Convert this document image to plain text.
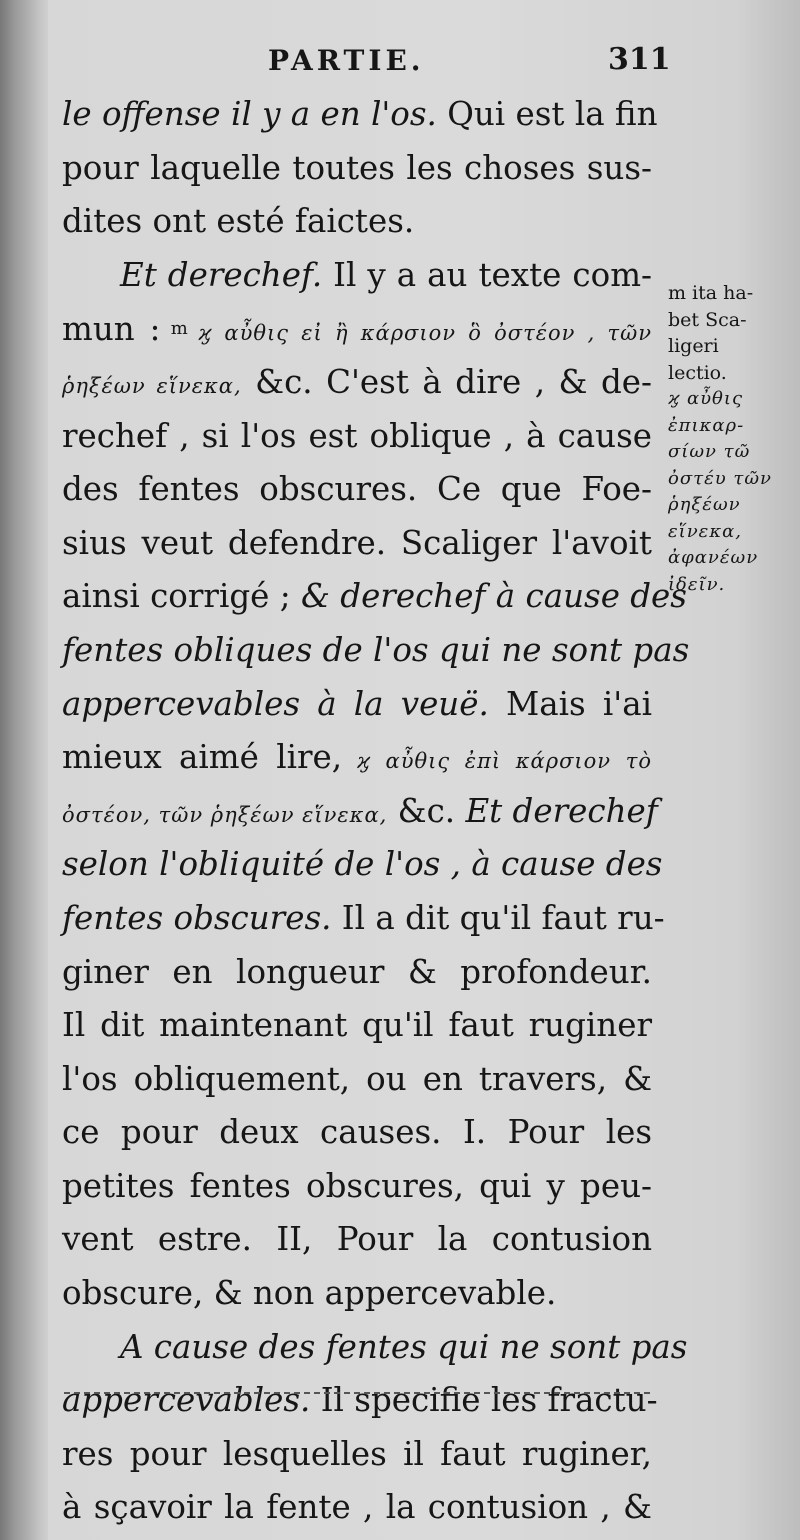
PARTIE.	311
le offense il y a en l'os. Qui est la fin
pour laquelle toutes les choses sus-
dites ont esté faictes.
Et derechef. Il y a au texte com-
mun : m ϗ αὖθις εἰ ἢ κάρσιον ὃ ὀστέον , τῶν
ῥηξέων εἵνεκα, &c. C'est à dire , & de-
rechef , si l'os est oblique , à cause
des fentes obscures. Ce que Foe-
sius veut defendre. Scaliger l'avoit
ainsi corrigé ; & derechef à cause des
fentes obliques de l'os qui ne sont pas
appercevables à la veuë. Mais i'ai
mieux aimé lire, ϗ αὖθις ἐπὶ κάρσιον τὸ
ὀστέον, τῶν ῥηξέων εἵνεκα, &c. Et derechef
selon l'obliquité de l'os , à cause des
fentes obscures. Il a dit qu'il faut ru-
giner en longueur & profondeur.
Il dit maintenant qu'il faut ruginer
l'os obliquement, ou en travers, &
ce pour deux causes. I. Pour les
petites fentes obscures, qui y peu-
vent estre. II, Pour la contusion
obscure, & non appercevable.
A cause des fentes qui ne sont pas
appercevables. Il specifie les fractu-
res pour lesquelles il faut ruginer,
à sçavoir la fente , la contusion , &
m ita ha-
bet Sca-
ligeri
lectio.
ϗ αὖθις
ἐπικαρ-
σίων τῶ
ὀστέυ τῶν
ῥηξέων
εἵνεκα,
ἀφανέων
ἰδεῖν.
